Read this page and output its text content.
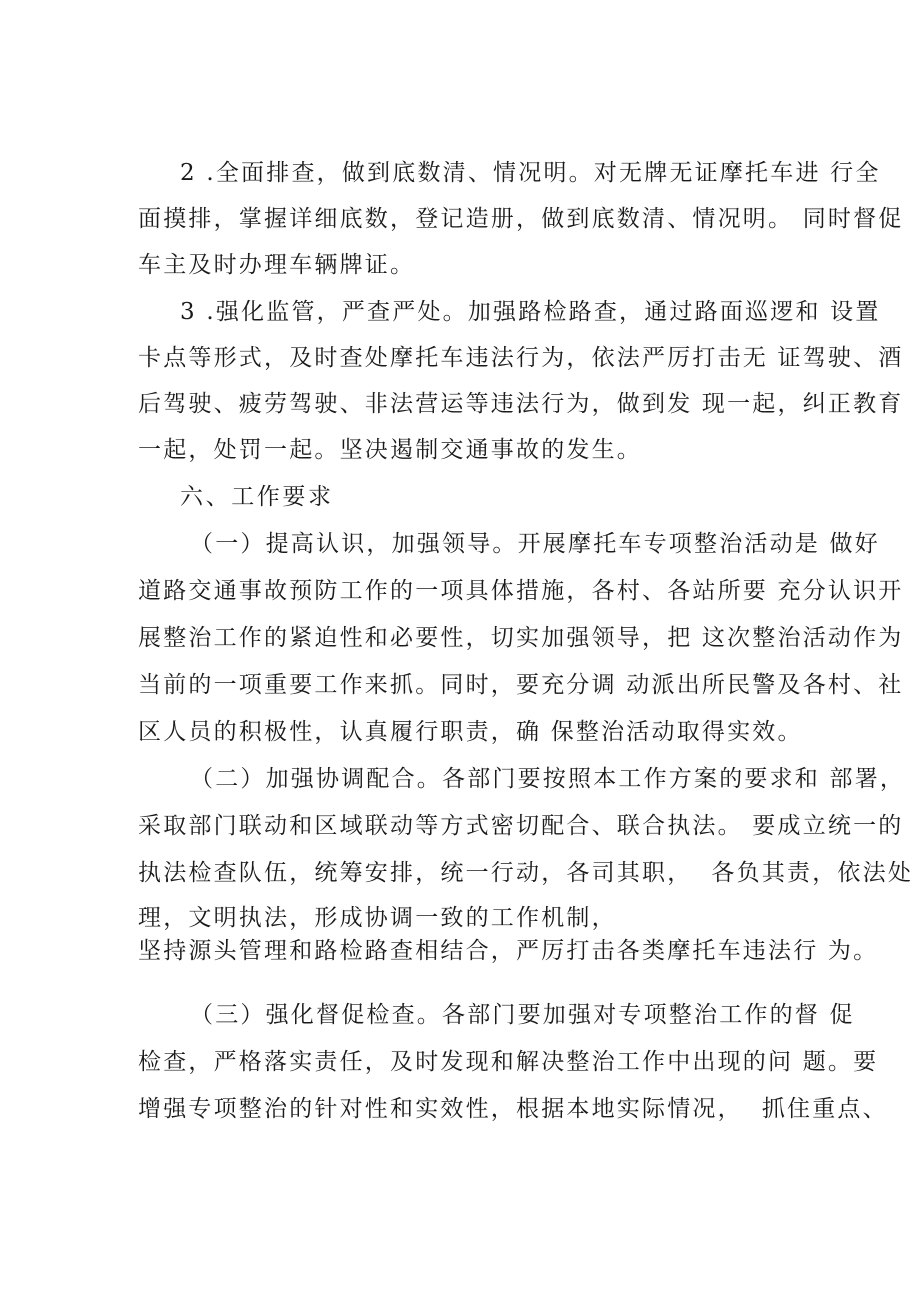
2 .全面排查，做到底数清、情况明。对无牌无证摩托车进 行全
面摸排，掌握详细底数，登记造册，做到底数清、情况明。 同时督促
车主及时办理车辆牌证。
3 .强化监管，严查严处。加强路检路查，通过路面巡逻和 设置
卡点等形式，及时查处摩托车违法行为，依法严厉打击无 证驾驶、酒
后驾驶、疲劳驾驶、非法营运等违法行为，做到发 现一起，纠正教育
一起，处罚一起。坚决遏制交通事故的发生。
六、工作要求
（一）提高认识，加强领导。开展摩托车专项整治活动是 做好
道路交通事故预防工作的一项具体措施，各村、各站所要 充分认识开
展整治工作的紧迫性和必要性，切实加强领导，把 这次整治活动作为
当前的一项重要工作来抓。同时，要充分调 动派出所民警及各村、社
区人员的积极性，认真履行职责，确 保整治活动取得实效。
（二）加强协调配合。各部门要按照本工作方案的要求和 部署，
采取部门联动和区域联动等方式密切配合、联合执法。 要成立统一的
执法检查队伍，统筹安排，统一行动，各司其职，  各负其责，依法处
理，文明执法，形成协调一致的工作机制，
坚持源头管理和路检路查相结合，严厉打击各类摩托车违法行 为。
（三）强化督促检查。各部门要加强对专项整治工作的督 促
检查，严格落实责任，及时发现和解决整治工作中出现的问 题。要
增强专项整治的针对性和实效性，根据本地实际情况，  抓住重点、
